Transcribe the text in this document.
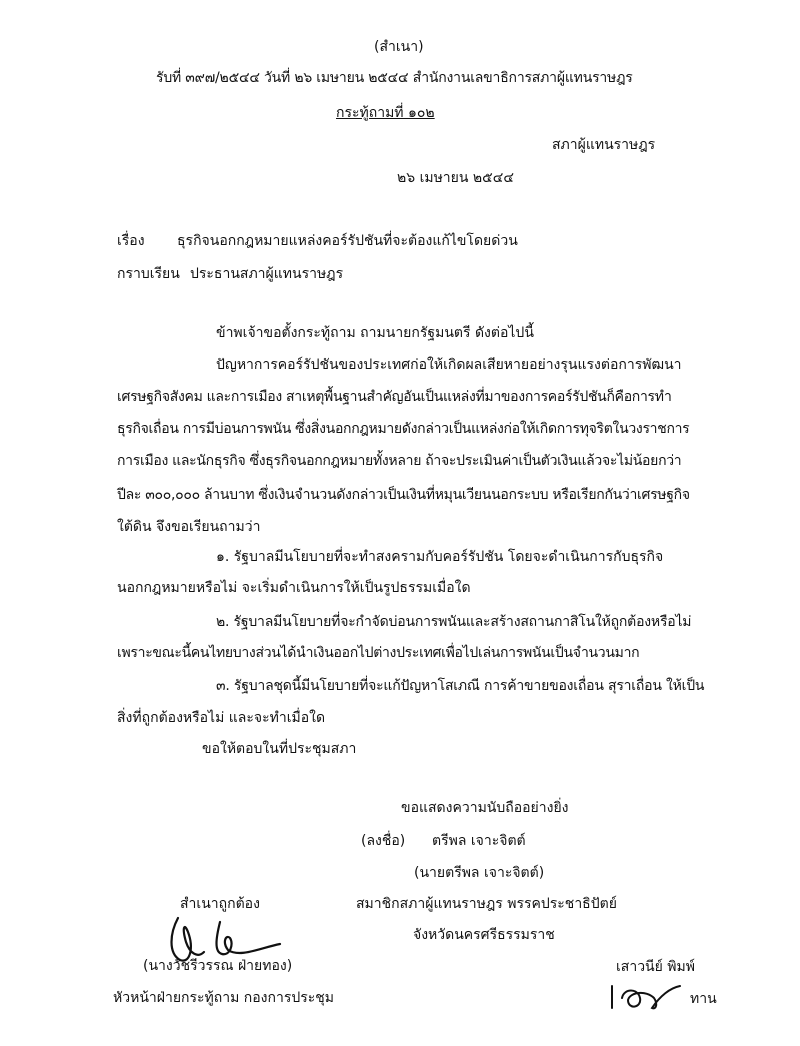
(สำเนา)
รับที่ ๓๙๗/๒๕๔๔ วันที่ ๒๖ เมษายน ๒๕๔๔ สำนักงานเลขาธิการสภาผู้แทนราษฎร
กระทู้ถามที่ ๑๐๒
สภาผู้แทนราษฎร
๒๖ เมษายน ๒๕๔๔
เรื่อง ธุรกิจนอกกฎหมายแหล่งคอร์รัปชันที่จะต้องแก้ไขโดยด่วน
กราบเรียน ประธานสภาผู้แทนราษฎร
ข้าพเจ้าขอตั้งกระทู้ถาม ถามนายกรัฐมนตรี ดังต่อไปนี้
ปัญหาการคอร์รัปชันของประเทศก่อให้เกิดผลเสียหายอย่างรุนแรงต่อการพัฒนา
เศรษฐกิจสังคม และการเมือง สาเหตุพื้นฐานสำคัญอันเป็นแหล่งที่มาของการคอร์รัปชันก็คือการทำ
ธุรกิจเถื่อน การมีบ่อนการพนัน ซึ่งสิ่งนอกกฎหมายดังกล่าวเป็นแหล่งก่อให้เกิดการทุจริตในวงราชการ
การเมือง และนักธุรกิจ ซึ่งธุรกิจนอกกฎหมายทั้งหลาย ถ้าจะประเมินค่าเป็นตัวเงินแล้วจะไม่น้อยกว่า
ปีละ ๓๐๐,๐๐๐ ล้านบาท ซึ่งเงินจำนวนดังกล่าวเป็นเงินที่หมุนเวียนนอกระบบ หรือเรียกกันว่าเศรษฐกิจ
ใต้ดิน จึงขอเรียนถามว่า
๑. รัฐบาลมีนโยบายที่จะทำสงครามกับคอร์รัปชัน โดยจะดำเนินการกับธุรกิจ
นอกกฎหมายหรือไม่ จะเริ่มดำเนินการให้เป็นรูปธรรมเมื่อใด
๒. รัฐบาลมีนโยบายที่จะกำจัดบ่อนการพนันและสร้างสถานกาสิโนให้ถูกต้องหรือไม่
เพราะขณะนี้คนไทยบางส่วนได้นำเงินออกไปต่างประเทศเพื่อไปเล่นการพนันเป็นจำนวนมาก
๓. รัฐบาลชุดนี้มีนโยบายที่จะแก้ปัญหาโสเภณี การค้าขายของเถื่อน สุราเถื่อน ให้เป็น
สิ่งที่ถูกต้องหรือไม่ และจะทำเมื่อใด
ขอให้ตอบในที่ประชุมสภา
ขอแสดงความนับถืออย่างยิ่ง
(ลงชื่อ) ตรีพล เจาะจิตต์
(นายตรีพล เจาะจิตต์)
สมาชิกสภาผู้แทนราษฎร พรรคประชาธิปัตย์
จังหวัดนครศรีธรรมราช
สำเนาถูกต้อง
(นางวัชรีวรรณ ฝ่ายทอง)
หัวหน้าฝ่ายกระทู้ถาม กองการประชุม
เสาวนีย์ พิมพ์
ทาน
